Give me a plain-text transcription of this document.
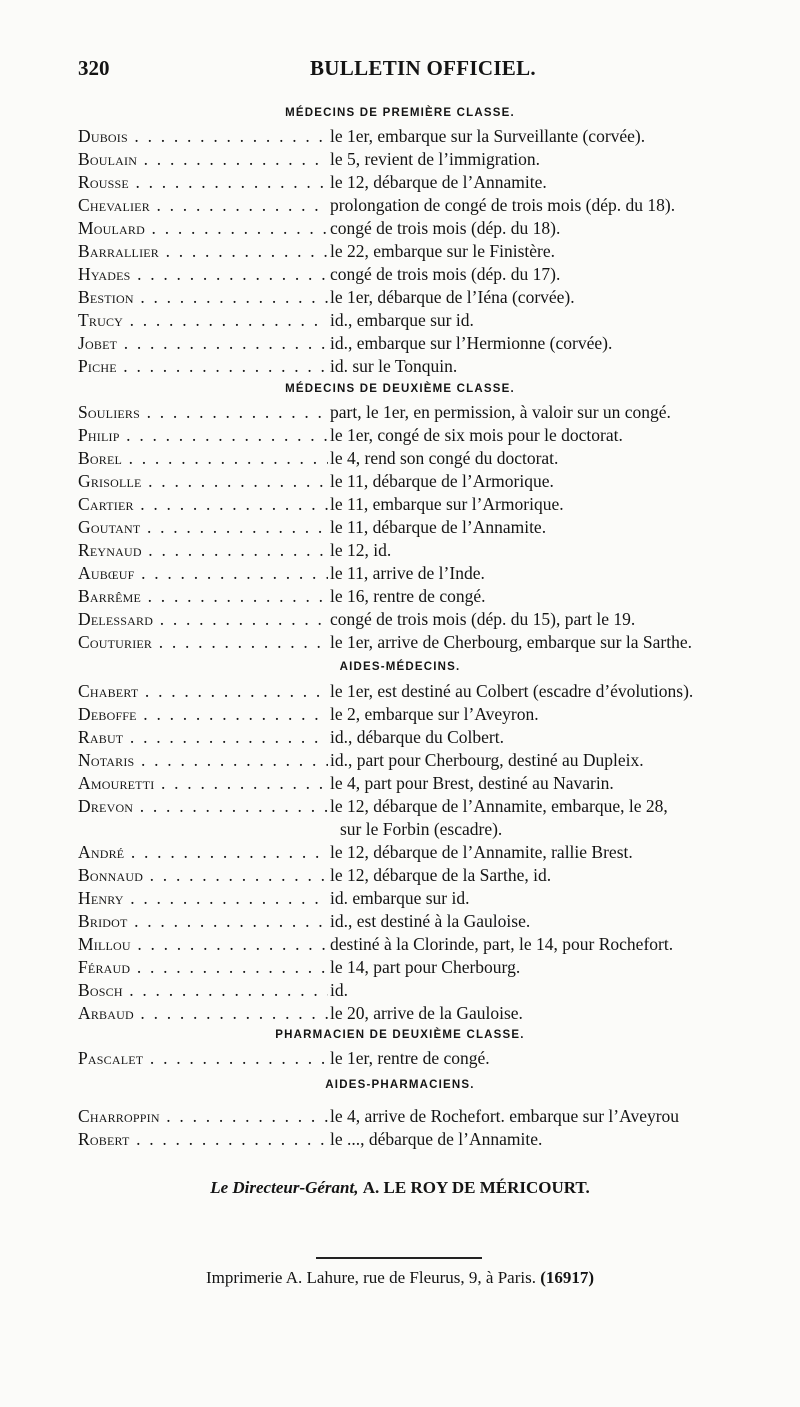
320	BULLETIN OFFICIEL.
MÉDECINS DE PREMIÈRE CLASSE.
Dubois . . .	le 1er, embarque sur la Surveillante (corvée).
Boulain . . .	le 5, revient de l’immigration.
Rousse . . .	le 12, débarque de l’Annamite.
Chevalier . . .	prolongation de congé de trois mois (dép. du 18).
Moulard . . .	congé de trois mois (dép. du 18).
Barrallier . . .	le 22, embarque sur le Finistère.
Hyades . . .	congé de trois mois (dép. du 17).
Bestion . . .	le 1er, débarque de l’Iéna (corvée).
Trucy . . .	id., embarque sur id.
Jobet . . .	id., embarque sur l’Hermionne (corvée).
Piche . . .	id. sur le Tonquin.
MÉDECINS DE DEUXIÈME CLASSE.
Souliers . . .	part, le 1er, en permission, à valoir sur un congé.
Philip . . .	le 1er, congé de six mois pour le doctorat.
Borel . . .	le 4, rend son congé du doctorat.
Grisolle . . .	le 11, débarque de l’Armorique.
Cartier . . .	le 11, embarque sur l’Armorique.
Goutant . . .	le 11, débarque de l’Annamite.
Reynaud . . .	le 12, id.
Aubœuf . . .	le 11, arrive de l’Inde.
Barrême . . .	le 16, rentre de congé.
Delessard . . .	congé de trois mois (dép. du 15), part le 19.
Couturier . . .	le 1er, arrive de Cherbourg, embarque sur la Sarthe.
AIDES-MÉDECINS.
Chabert . . .	le 1er, est destiné au Colbert (escadre d’évolutions).
Deboffe . . .	le 2, embarque sur l’Aveyron.
Rabut . . .	id., débarque du Colbert.
Notaris . . .	id., part pour Cherbourg, destiné au Dupleix.
Amouretti . . .	le 4, part pour Brest, destiné au Navarin.
Drevon . . .	le 12, débarque de l’Annamite, embarque, le 28,
sur le Forbin (escadre).
André . . .	le 12, débarque de l’Annamite, rallie Brest.
Bonnaud . . .	le 12, débarque de la Sarthe, id.
Henry . . .	id. embarque sur id.
Bridot . . .	id., est destiné à la Gauloise.
Millou . . .	destiné à la Clorinde, part, le 14, pour Rochefort.
Féraud . . .	le 14, part pour Cherbourg.
Bosch . . .	id.
Arbaud . . .	le 20, arrive de la Gauloise.
PHARMACIEN DE DEUXIÈME CLASSE.
Pascalet . . .	le 1er, rentre de congé.
AIDES-PHARMACIENS.
Charroppin . . .	le 4, arrive de Rochefort. embarque sur l’Aveyrou
Robert . . .	le ..., débarque de l’Annamite.
Le Directeur-Gérant, A. LE ROY DE MÉRICOURT.
Imprimerie A. Lahure, rue de Fleurus, 9, à Paris. (16917)
